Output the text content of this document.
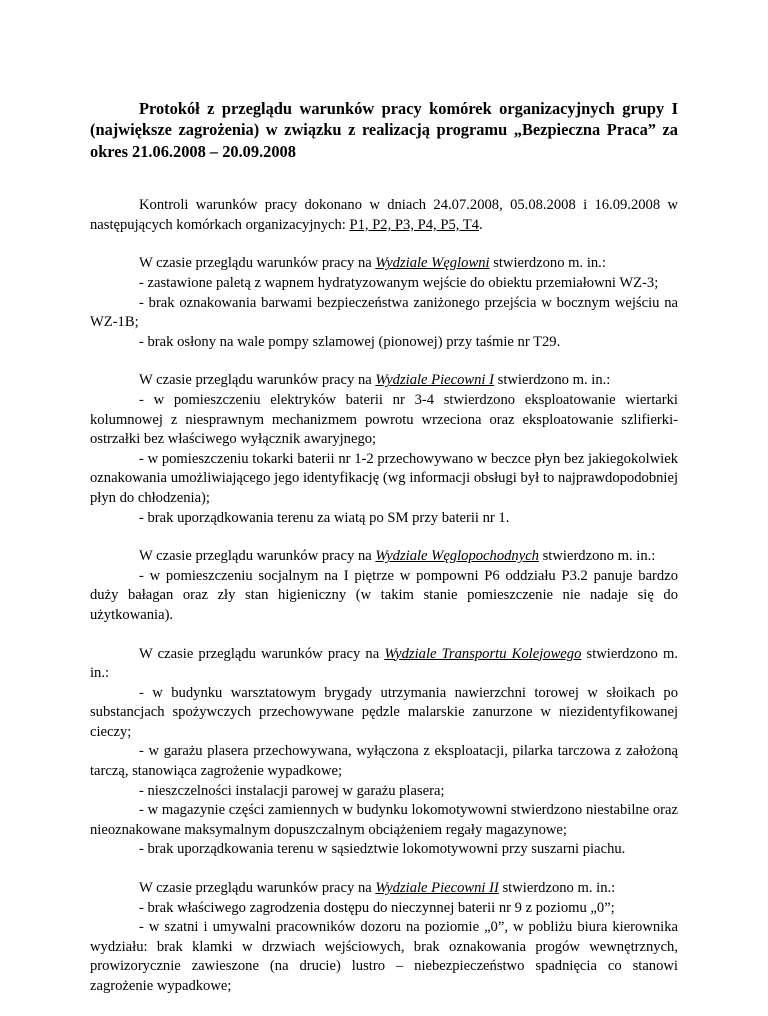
Protokół z przeglądu warunków pracy komórek organizacyjnych grupy I (największe zagrożenia) w związku z realizacją programu „Bezpieczna Praca” za okres 21.06.2008 – 20.09.2008

Kontroli warunków pracy dokonano w dniach 24.07.2008, 05.08.2008 i 16.09.2008 w następujących komórkach organizacyjnych: P1, P2, P3, P4, P5, T4.

W czasie przeglądu warunków pracy na Wydziale Węglowni stwierdzono m. in.:

- zastawione paletą z wapnem hydratyzowanym wejście do obiektu przemiałowni WZ-3;

- brak oznakowania barwami bezpieczeństwa zaniżonego przejścia w bocznym wejściu na WZ-1B;

- brak osłony na wale pompy szlamowej (pionowej) przy taśmie nr T29.

W czasie przeglądu warunków pracy na Wydziale Piecowni I stwierdzono m. in.:

- w pomieszczeniu elektryków baterii nr 3-4 stwierdzono eksploatowanie wiertarki kolumnowej z niesprawnym mechanizmem powrotu wrzeciona oraz eksploatowanie szlifierki-ostrzałki bez właściwego wyłącznik awaryjnego;

- w pomieszczeniu tokarki baterii nr 1-2 przechowywano w beczce płyn bez jakiegokolwiek oznakowania umożliwiającego jego identyfikację (wg informacji obsługi był to najprawdopodobniej płyn do chłodzenia);

- brak uporządkowania terenu za wiatą po SM przy baterii nr 1.

W czasie przeglądu warunków pracy na Wydziale Węglopochodnych stwierdzono m. in.:

- w pomieszczeniu socjalnym na I piętrze w pompowni P6 oddziału P3.2 panuje bardzo duży bałagan oraz zły stan higieniczny (w takim stanie pomieszczenie nie nadaje się do użytkowania).

W czasie przeglądu warunków pracy na Wydziale Transportu Kolejowego stwierdzono m. in.:

- w budynku warsztatowym brygady utrzymania nawierzchni torowej w słoikach po substancjach spożywczych przechowywane pędzle malarskie zanurzone w niezidentyfikowanej cieczy;

- w garażu plasera przechowywana, wyłączona z eksploatacji, pilarka tarczowa z założoną tarczą, stanowiąca zagrożenie wypadkowe;

- nieszczelności instalacji parowej w garażu plasera;

- w magazynie części zamiennych w budynku lokomotywowni stwierdzono niestabilne oraz nieoznakowane maksymalnym dopuszczalnym obciążeniem regały magazynowe;

- brak uporządkowania terenu w sąsiedztwie lokomotywowni przy suszarni piachu.

W czasie przeglądu warunków pracy na Wydziale Piecowni II stwierdzono m. in.:

- brak właściwego zagrodzenia dostępu do nieczynnej baterii nr 9 z poziomu „0”;

- w szatni i umywalni pracowników dozoru na poziomie „0”, w pobliżu biura kierownika wydziału: brak klamki w drzwiach wejściowych, brak oznakowania progów wewnętrznych, prowizorycznie zawieszone (na drucie) lustro – niebezpieczeństwo spadnięcia co stanowi zagrożenie wypadkowe;
